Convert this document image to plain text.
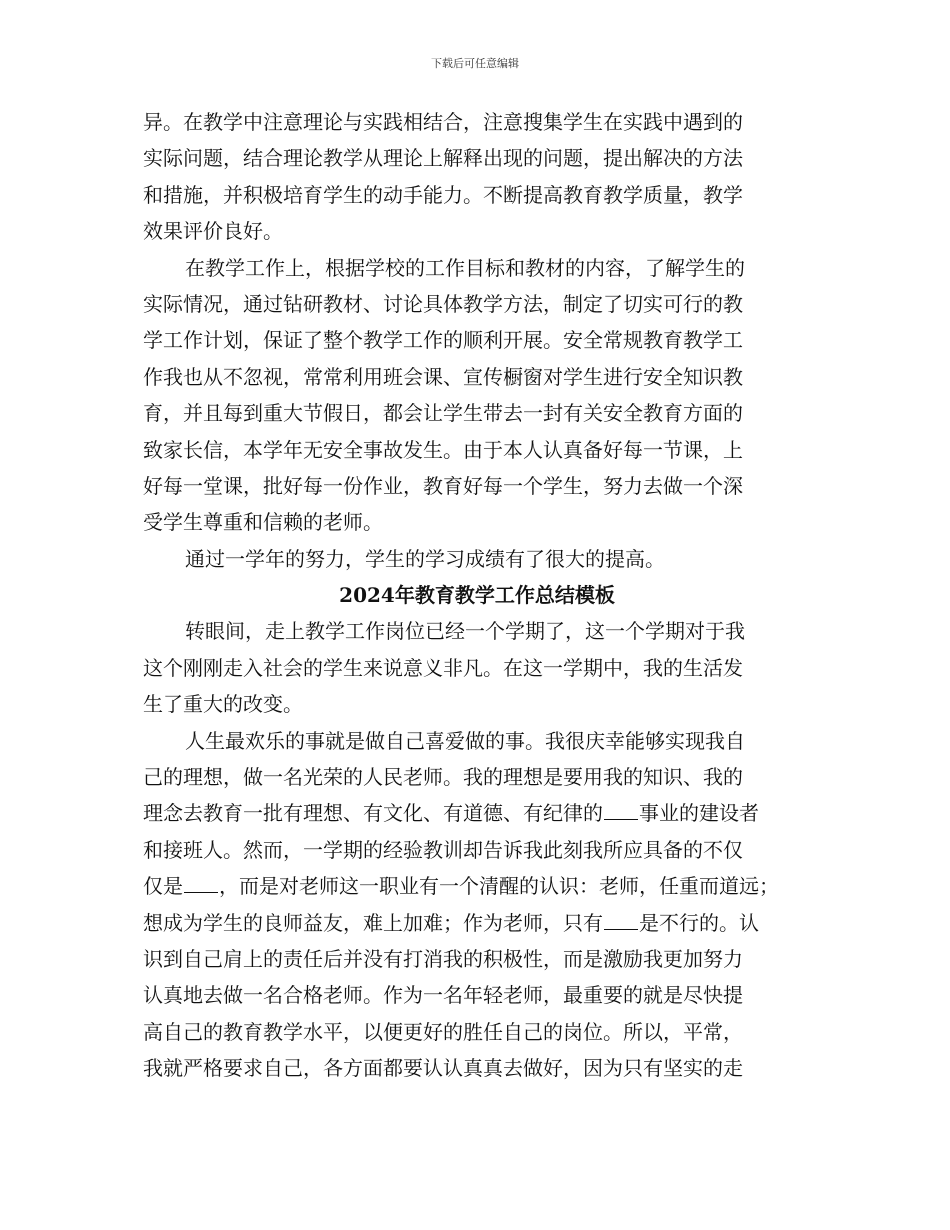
下载后可任意编辑
异。在教学中注意理论与实践相结合，注意搜集学生在实践中遇到的
实际问题，结合理论教学从理论上解释出现的问题，提出解决的方法
和措施，并积极培育学生的动手能力。不断提高教育教学质量，教学
效果评价良好。
在教学工作上，根据学校的工作目标和教材的内容，了解学生的
实际情况，通过钻研教材、讨论具体教学方法，制定了切实可行的教
学工作计划，保证了整个教学工作的顺利开展。安全常规教育教学工
作我也从不忽视，常常利用班会课、宣传橱窗对学生进行安全知识教
育，并且每到重大节假日，都会让学生带去一封有关安全教育方面的
致家长信，本学年无安全事故发生。由于本人认真备好每一节课，上
好每一堂课，批好每一份作业，教育好每一个学生，努力去做一个深
受学生尊重和信赖的老师。
通过一学年的努力，学生的学习成绩有了很大的提高。
2024年教育教学工作总结模板
转眼间，走上教学工作岗位已经一个学期了，这一个学期对于我
这个刚刚走入社会的学生来说意义非凡。在这一学期中，我的生活发
生了重大的改变。
人生最欢乐的事就是做自己喜爱做的事。我很庆幸能够实现我自
己的理想，做一名光荣的人民老师。我的理想是要用我的知识、我的
理念去教育一批有理想、有文化、有道德、有纪律的 事业的建设者
和接班人。然而，一学期的经验教训却告诉我此刻我所应具备的不仅
仅是 ，而是对老师这一职业有一个清醒的认识：老师，任重而道远；
想成为学生的良师益友，难上加难；作为老师，只有 是不行的。认
识到自己肩上的责任后并没有打消我的积极性，而是激励我更加努力
认真地去做一名合格老师。作为一名年轻老师，最重要的就是尽快提
高自己的教育教学水平，以便更好的胜任自己的岗位。所以，平常，
我就严格要求自己，各方面都要认认真真去做好，因为只有坚实的走
